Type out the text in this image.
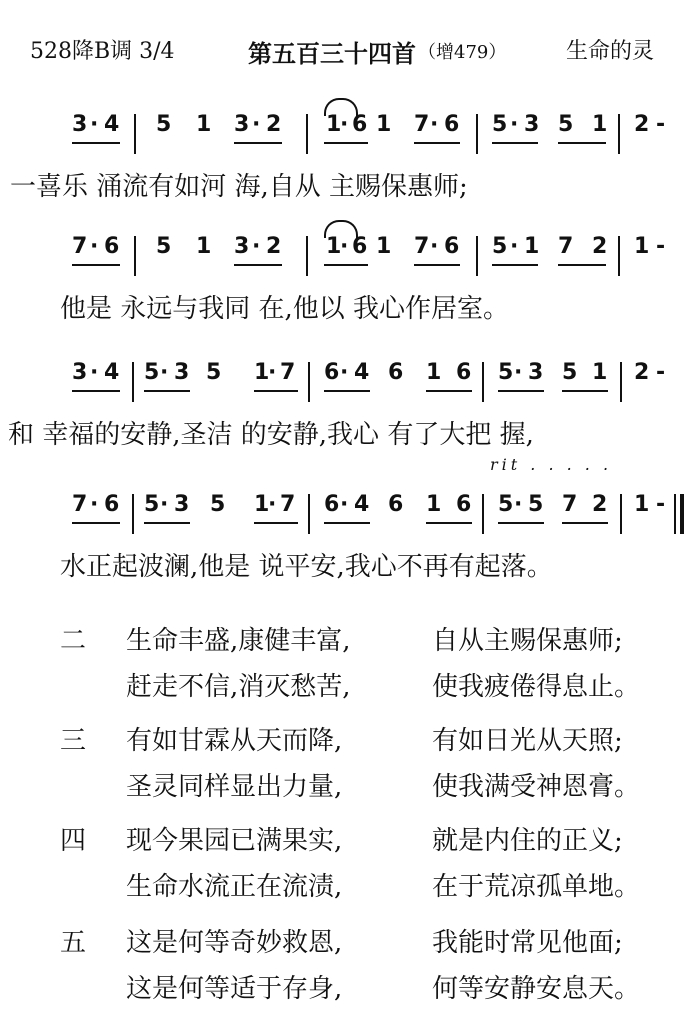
528降B调 3/4	第五百三十四首 （增479）	生命的灵
3 · 4 5 1 3 · 2 1
· 6 1 7 · 6 5 · 3 5 1 2 -
一喜乐 涌流有如河 海,自从 主赐保惠师;
7 · 6 5 1 3 · 2 1
· 6 1 7 · 6 5 · 1 7 2 1 -
他是 永远与我同 在,他以 我心作居室。
3 · 4 5 · 3 5 1
· 7 6 · 4 6 1 6 5 · 3 5 1 2 -
和 幸福的安静,圣洁 的安静,我心 有了大把 握,
rit . . . . .
7 · 6 5 · 3 5 1
· 7 6 · 4 6 1 6 5 · 5 7 2 1 -
水正起波澜,他是 说平安,我心不再有起落。
二 生命丰盛,康健丰富,	自从主赐保惠师;
赶走不信,消灭愁苦,	使我疲倦得息止。
三 有如甘霖从天而降,	有如日光从天照;
圣灵同样显出力量,	使我满受神恩膏。
四 现今果园已满果实,	就是内住的正义;
生命水流正在流渍,	在于荒凉孤单地。
五 这是何等奇妙救恩,	我能时常见他面;
这是何等适于存身,	何等安静安息天。
